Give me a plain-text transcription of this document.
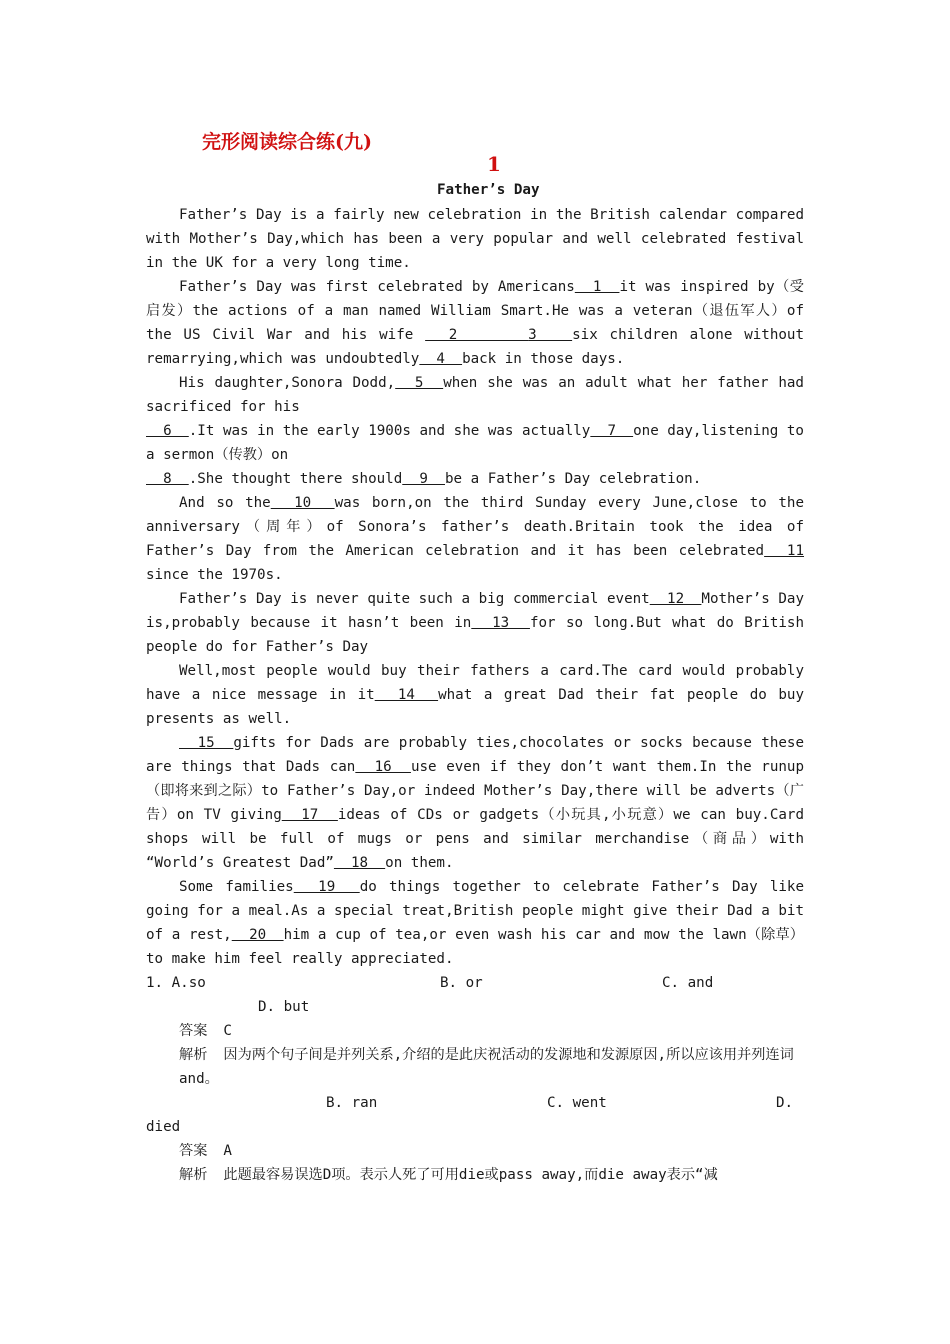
完形阅读综合练(九)
1
Father’s Day

Father’s Day is a fairly new celebration in the British calendar compared with Mother’s Day,which has been a very popular and well celebrated festival in the UK for a very long time.

Father’s Day was first celebrated by Americans  1  it was inspired by（受启发）the actions of a man named William Smart.He was a veteran（退伍军人）of the US Civil War and his wife   2      3   six children alone without remarrying,which was undoubtedly  4  back in those days.

His daughter,Sonora Dodd,  5  when she was an adult what her father had sacrificed for his

6  .It was in the early 1900s and she was actually  7  one day,listening to a sermon（传教）on

8  .She thought there should  9  be a Father’s Day celebration.

And so the  10  was born,on the third Sunday every June,close to the anniversary（周年）of Sonora’s father’s death.Britain took the idea of Father’s Day from the American celebration and it has been celebrated  11 since the 1970s.

Father’s Day is never quite such a big commercial event  12  Mother’s Day is,probably because it hasn’t been in  13  for so long.But what do British people do for Father’s Day

Well,most people would buy their fathers a card.The card would probably have a nice message in it  14  what a great Dad their fat people do buy presents as well.

15  gifts for Dads are probably ties,chocolates or socks because these are things that Dads can  16  use even if they don’t want them.In the runup（即将来到之际）to Father’s Day,or indeed Mother’s Day,there will be adverts（广告）on TV giving  17  ideas of CDs or gadgets（小玩具,小玩意）we can buy.Card shops will be full of mugs or pens and similar merchandise（商品）with “World’s Greatest Dad”  18  on them.

Some families  19  do things together to celebrate Father’s Day like going for a meal.As a special treat,British people might give their Dad a bit of a rest,  20  him a cup of tea,or even wash his car and mow the lawn（除草）to make him feel really appreciated.

1. A.so	B. or	C. and
D. but

答案 C

解析 因为两个句子间是并列关系,介绍的是此庆祝活动的发源地和发源原因,所以应该用并列连词and。

B. ran	C. went	D.
died

答案 A

解析 此题最容易误选D项。表示人死了可用die或pass away,而die away表示“减
